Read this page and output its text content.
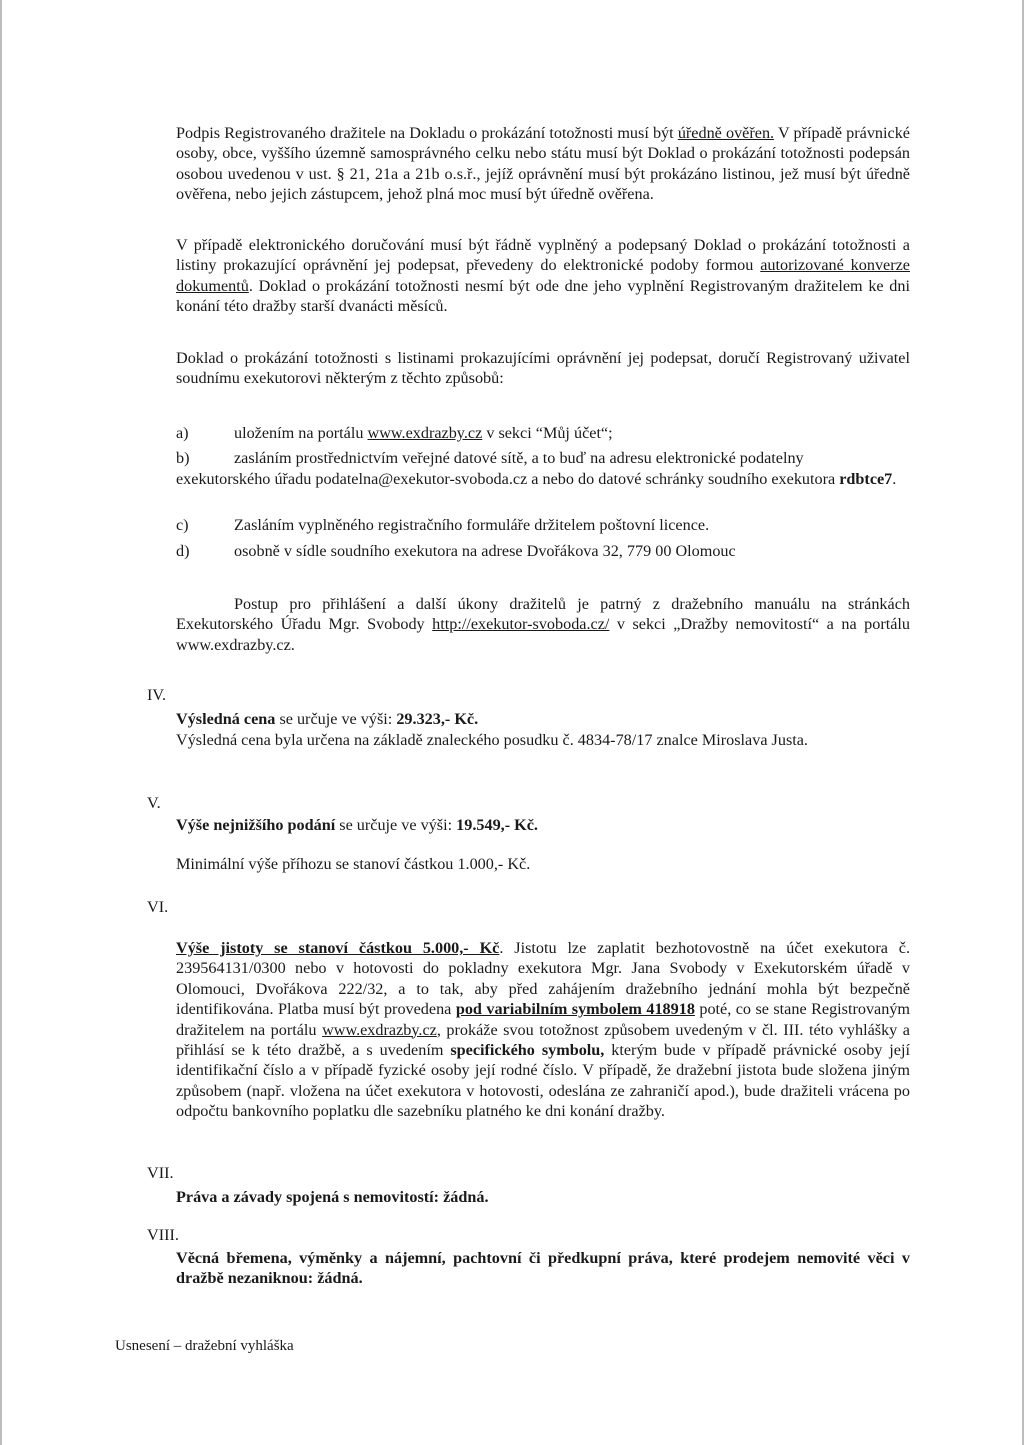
Podpis Registrovaného dražitele na Dokladu o prokázání totožnosti musí být úředně ověřen. V případě právnické osoby, obce, vyššího územně samosprávného celku nebo státu musí být Doklad o prokázání totožnosti podepsán osobou uvedenou v ust. § 21, 21a a 21b o.s.ř., jejíž oprávnění musí být prokázáno listinou, jež musí být úředně ověřena, nebo jejich zástupcem, jehož plná moc musí být úředně ověřena.

V případě elektronického doručování musí být řádně vyplněný a podepsaný Doklad o prokázání totožnosti a listiny prokazující oprávnění jej podepsat, převedeny do elektronické podoby formou autorizované konverze dokumentů. Doklad o prokázání totožnosti nesmí být ode dne jeho vyplnění Registrovaným dražitelem ke dni konání této dražby starší dvanácti měsíců.

Doklad o prokázání totožnosti s listinami prokazujícími oprávnění jej podepsat, doručí Registrovaný uživatel soudnímu exekutorovi některým z těchto způsobů:

a)	uložením na portálu www.exdrazby.cz v sekci “Můj účet“;
b)	zasláním prostřednictvím veřejné datové sítě, a to buď na adresu elektronické podatelny
exekutorského úřadu podatelna@exekutor-svoboda.cz a nebo do datové schránky soudního exekutora rdbtce7.
c)	Zasláním vyplněného registračního formuláře držitelem poštovní licence.
d)	osobně v sídle soudního exekutora na adrese Dvořákova 32, 779 00 Olomouc

Postup pro přihlášení a další úkony dražitelů je patrný z dražebního manuálu na stránkách Exekutorského Úřadu Mgr. Svobody http://exekutor-svoboda.cz/ v sekci „Dražby nemovitostí“ a na portálu www.exdrazby.cz.

IV.

Výsledná cena se určuje ve výši: 29.323,- Kč.

Výsledná cena byla určena na základě znaleckého posudku č. 4834-78/17 znalce Miroslava Justa.

V.

Výše nejnižšího podání se určuje ve výši: 19.549,- Kč.

Minimální výše příhozu se stanoví částkou 1.000,- Kč.

VI.

Výše jistoty se stanoví částkou 5.000,- Kč. Jistotu lze zaplatit bezhotovostně na účet exekutora č. 239564131/0300 nebo v hotovosti do pokladny exekutora Mgr. Jana Svobody v Exekutorském úřadě v Olomouci, Dvořákova 222/32, a to tak, aby před zahájením dražebního jednání mohla být bezpečně identifikována. Platba musí být provedena pod variabilním symbolem 418918 poté, co se stane Registrovaným dražitelem na portálu www.exdrazby.cz, prokáže svou totožnost způsobem uvedeným v čl. III. této vyhlášky a přihlásí se k této dražbě, a s uvedením specifického symbolu, kterým bude v případě právnické osoby její identifikační číslo a v případě fyzické osoby její rodné číslo. V případě, že dražební jistota bude složena jiným způsobem (např. vložena na účet exekutora v hotovosti, odeslána ze zahraničí apod.), bude dražiteli vrácena po odpočtu bankovního poplatku dle sazebníku platného ke dni konání dražby.

VII.

Práva a závady spojená s nemovitostí: žádná.

VIII.

Věcná břemena, výměnky a nájemní, pachtovní či předkupní práva, které prodejem nemovité věci v dražbě nezaniknou: žádná.

Usnesení – dražební vyhláška
